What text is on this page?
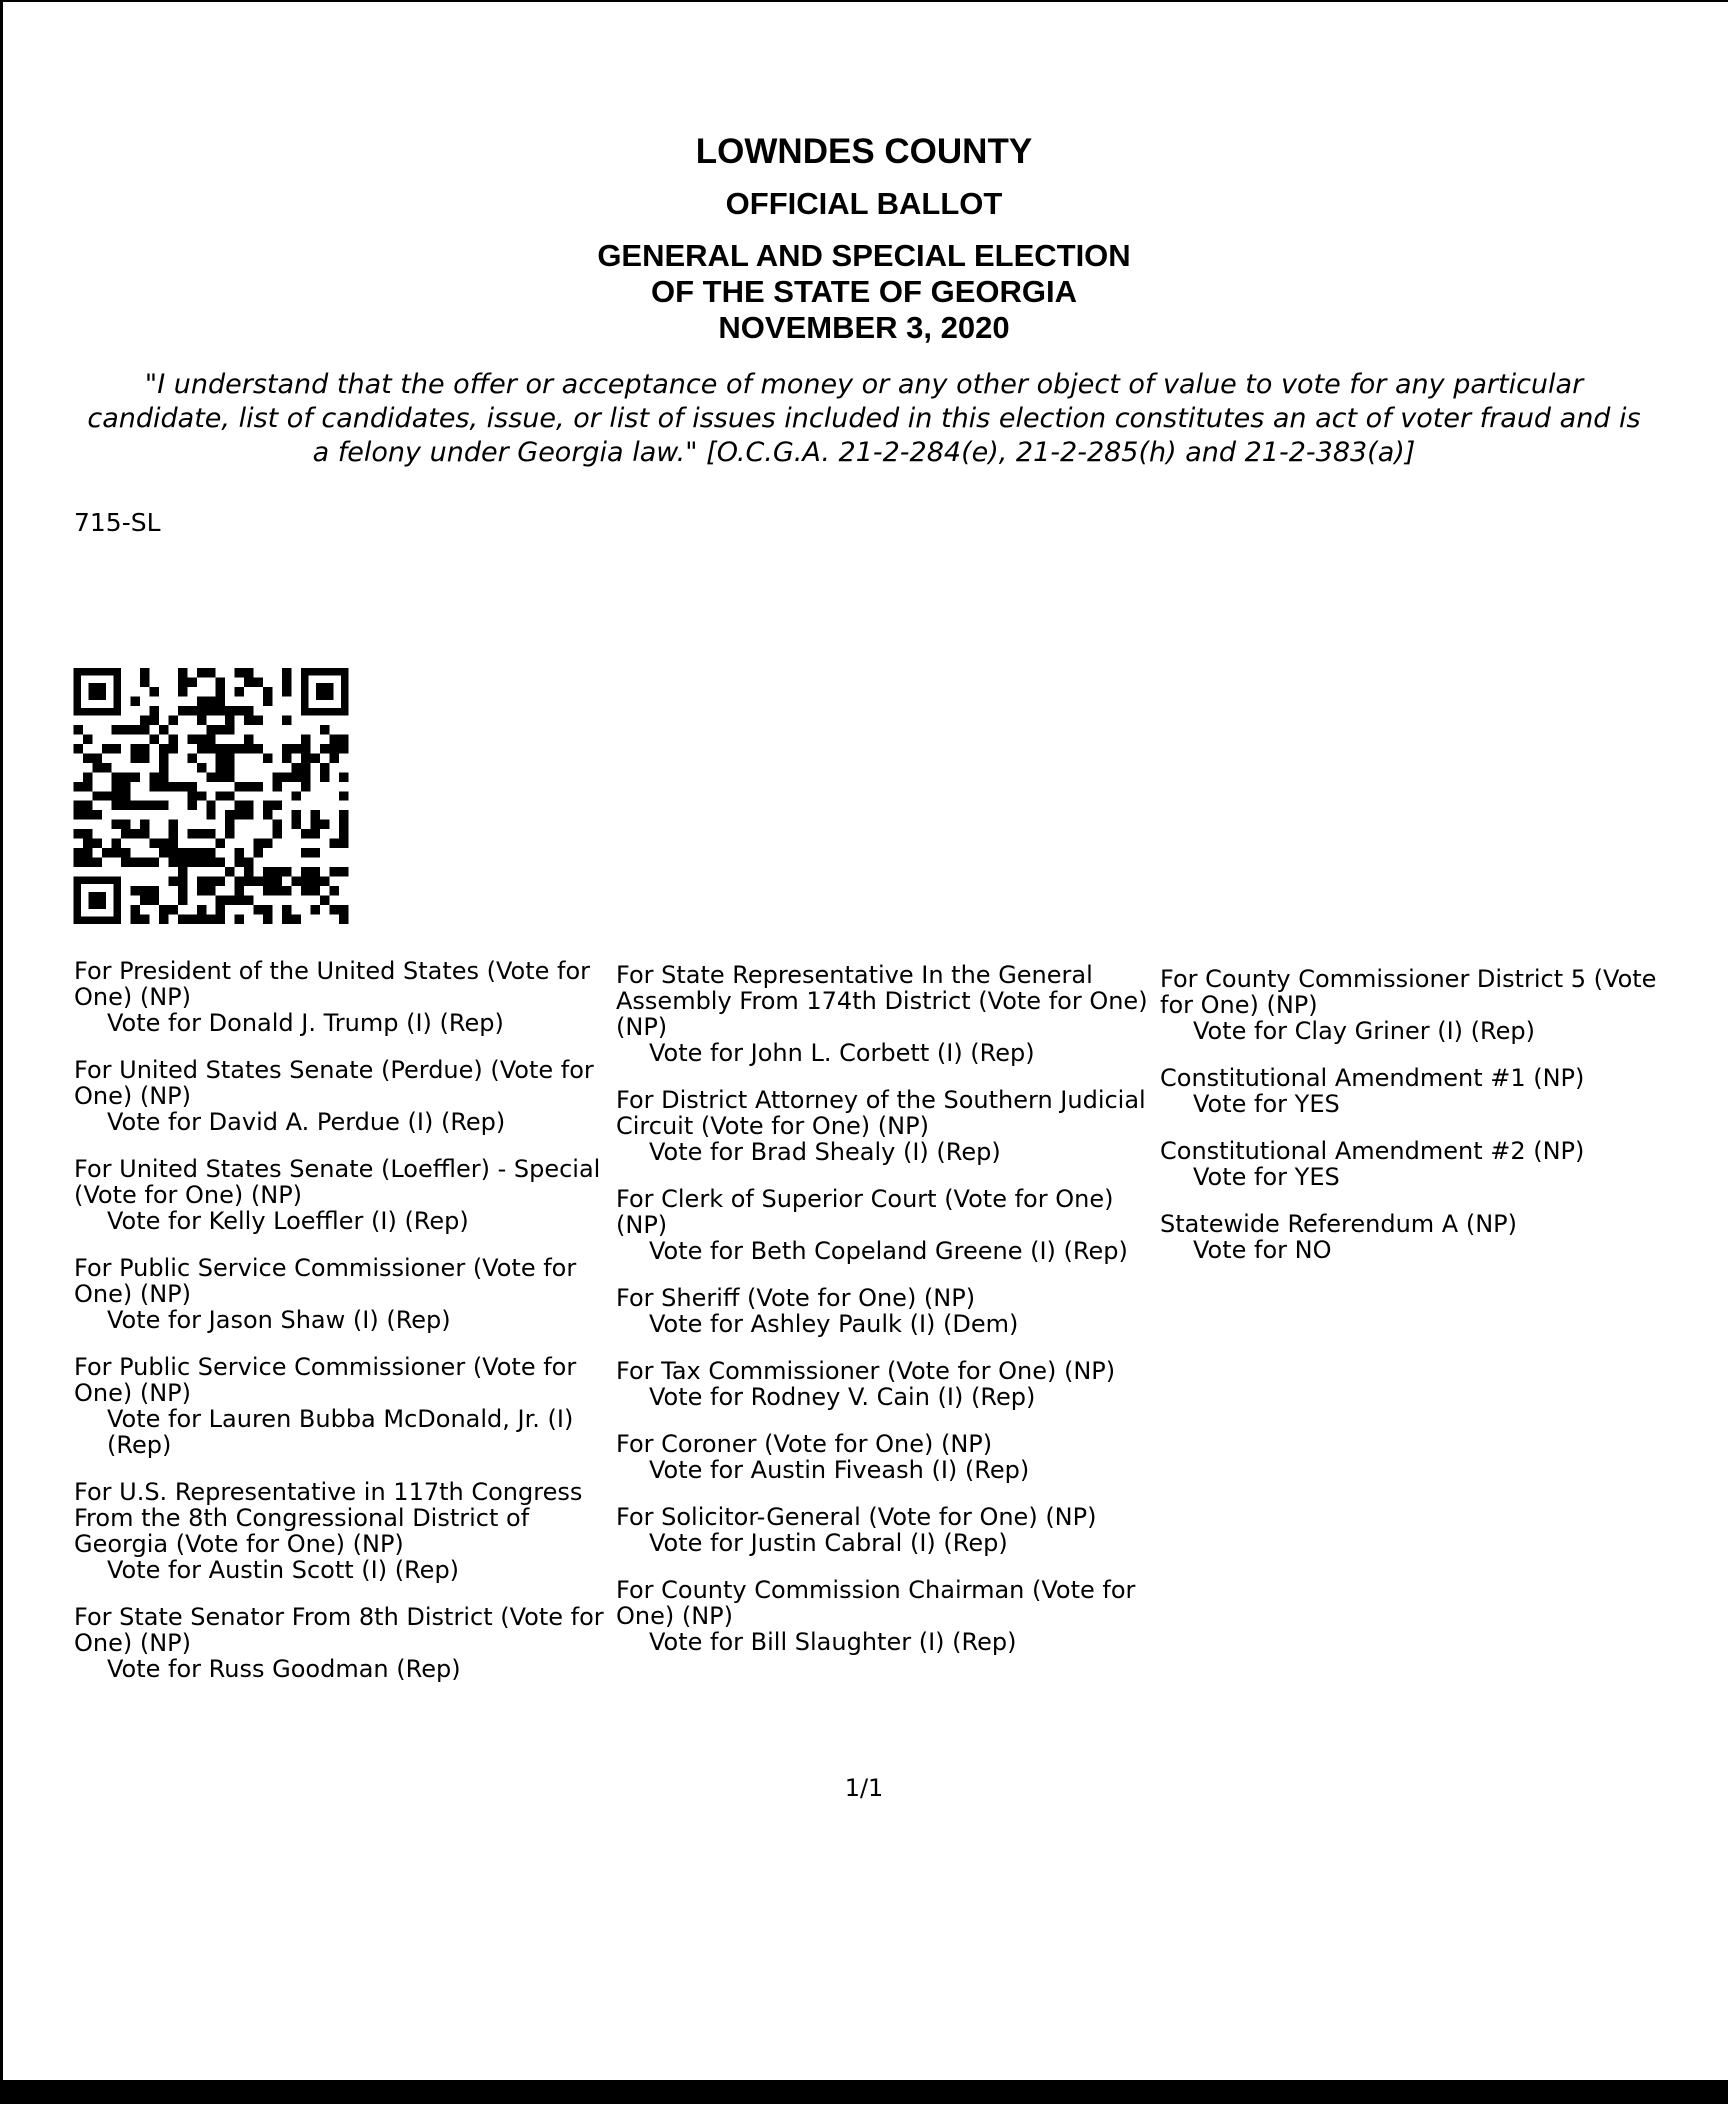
LOWNDES COUNTY
OFFICIAL BALLOT
GENERAL AND SPECIAL ELECTION
OF THE STATE OF GEORGIA
NOVEMBER 3, 2020
"I understand that the offer or acceptance of money or any other object of value to vote for any particular candidate, list of candidates, issue, or list of issues included in this election constitutes an act of voter fraud and is a felony under Georgia law." [O.C.G.A. 21-2-284(e), 21-2-285(h) and 21-2-383(a)]
715-SL
For President of the United States (Vote for One) (NP)
Vote for Donald J. Trump (I) (Rep)
For United States Senate (Perdue) (Vote for One) (NP)
Vote for David A. Perdue (I) (Rep)
For United States Senate (Loeffler) - Special (Vote for One) (NP)
Vote for Kelly Loeffler (I) (Rep)
For Public Service Commissioner (Vote for One) (NP)
Vote for Jason Shaw (I) (Rep)
For Public Service Commissioner (Vote for One) (NP)
Vote for Lauren Bubba McDonald, Jr. (I) (Rep)
For U.S. Representative in 117th Congress From the 8th Congressional District of Georgia (Vote for One) (NP)
Vote for Austin Scott (I) (Rep)
For State Senator From 8th District (Vote for One) (NP)
Vote for Russ Goodman (Rep)
For State Representative In the General Assembly From 174th District (Vote for One) (NP)
Vote for John L. Corbett (I) (Rep)
For District Attorney of the Southern Judicial Circuit (Vote for One) (NP)
Vote for Brad Shealy (I) (Rep)
For Clerk of Superior Court (Vote for One) (NP)
Vote for Beth Copeland Greene (I) (Rep)
For Sheriff (Vote for One) (NP)
Vote for Ashley Paulk (I) (Dem)
For Tax Commissioner (Vote for One) (NP)
Vote for Rodney V. Cain (I) (Rep)
For Coroner (Vote for One) (NP)
Vote for Austin Fiveash (I) (Rep)
For Solicitor-General (Vote for One) (NP)
Vote for Justin Cabral (I) (Rep)
For County Commission Chairman (Vote for One) (NP)
Vote for Bill Slaughter (I) (Rep)
For County Commissioner District 5 (Vote for One) (NP)
Vote for Clay Griner (I) (Rep)
Constitutional Amendment #1 (NP)
Vote for YES
Constitutional Amendment #2 (NP)
Vote for YES
Statewide Referendum A (NP)
Vote for NO
1/1
